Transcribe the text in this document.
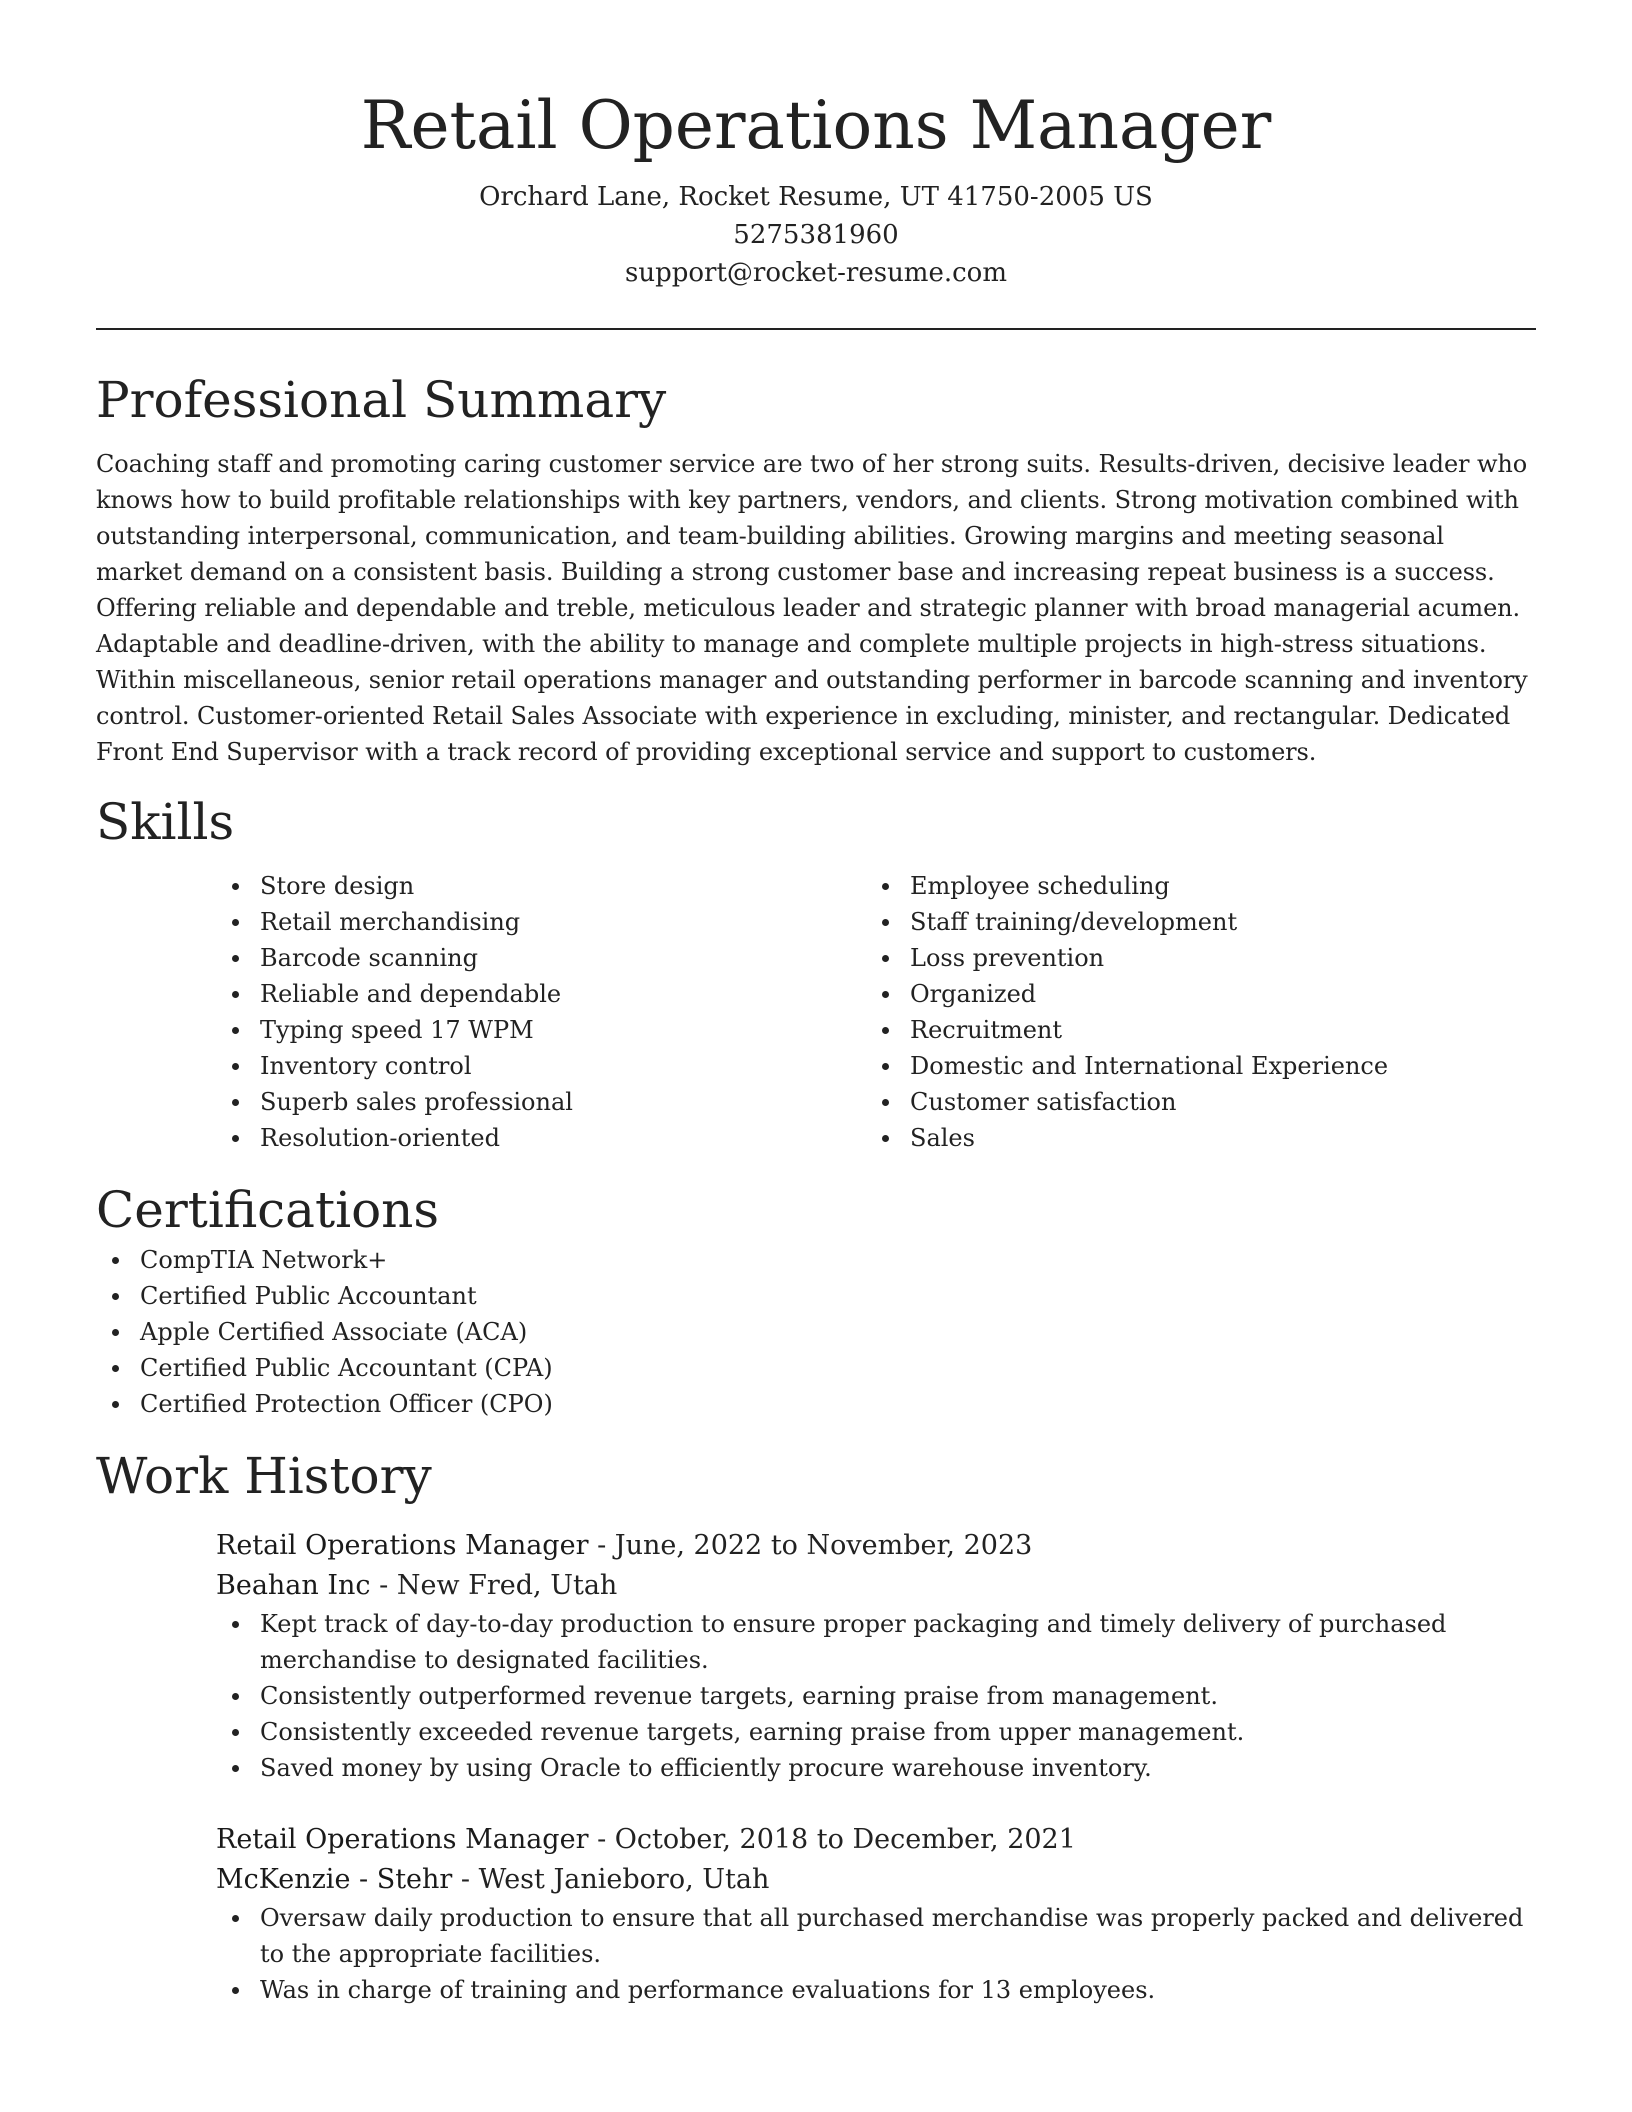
Retail Operations Manager

Orchard Lane, Rocket Resume, UT 41750-2005 US

5275381960

support@rocket-resume.com

Professional Summary

Coaching staff and promoting caring customer service are two of her strong suits. Results-driven, decisive leader who knows how to build profitable relationships with key partners, vendors, and clients. Strong motivation combined with outstanding interpersonal, communication, and team-building abilities. Growing margins and meeting seasonal market demand on a consistent basis. Building a strong customer base and increasing repeat business is a success. Offering reliable and dependable and treble, meticulous leader and strategic planner with broad managerial acumen. Adaptable and deadline-driven, with the ability to manage and complete multiple projects in high-stress situations. Within miscellaneous, senior retail operations manager and outstanding performer in barcode scanning and inventory control. Customer-oriented Retail Sales Associate with experience in excluding, minister, and rectangular. Dedicated Front End Supervisor with a track record of providing exceptional service and support to customers.

Skills
Store design
Retail merchandising
Barcode scanning
Reliable and dependable
Typing speed 17 WPM
Inventory control
Superb sales professional
Resolution-oriented
Employee scheduling
Staff training/development
Loss prevention
Organized
Recruitment
Domestic and International Experience
Customer satisfaction
Sales
Certifications
CompTIA Network+
Certified Public Accountant
Apple Certified Associate (ACA)
Certified Public Accountant (CPA)
Certified Protection Officer (CPO)
Work History

Retail Operations Manager - June, 2022 to November, 2023

Beahan Inc - New Fred, Utah

Kept track of day-to-day production to ensure proper packaging and timely delivery of purchased merchandise to designated facilities.
Consistently outperformed revenue targets, earning praise from management.
Consistently exceeded revenue targets, earning praise from upper management.
Saved money by using Oracle to efficiently procure warehouse inventory.

Retail Operations Manager - October, 2018 to December, 2021

McKenzie - Stehr - West Janieboro, Utah

Oversaw daily production to ensure that all purchased merchandise was properly packed and delivered to the appropriate facilities.
Was in charge of training and performance evaluations for 13 employees.
